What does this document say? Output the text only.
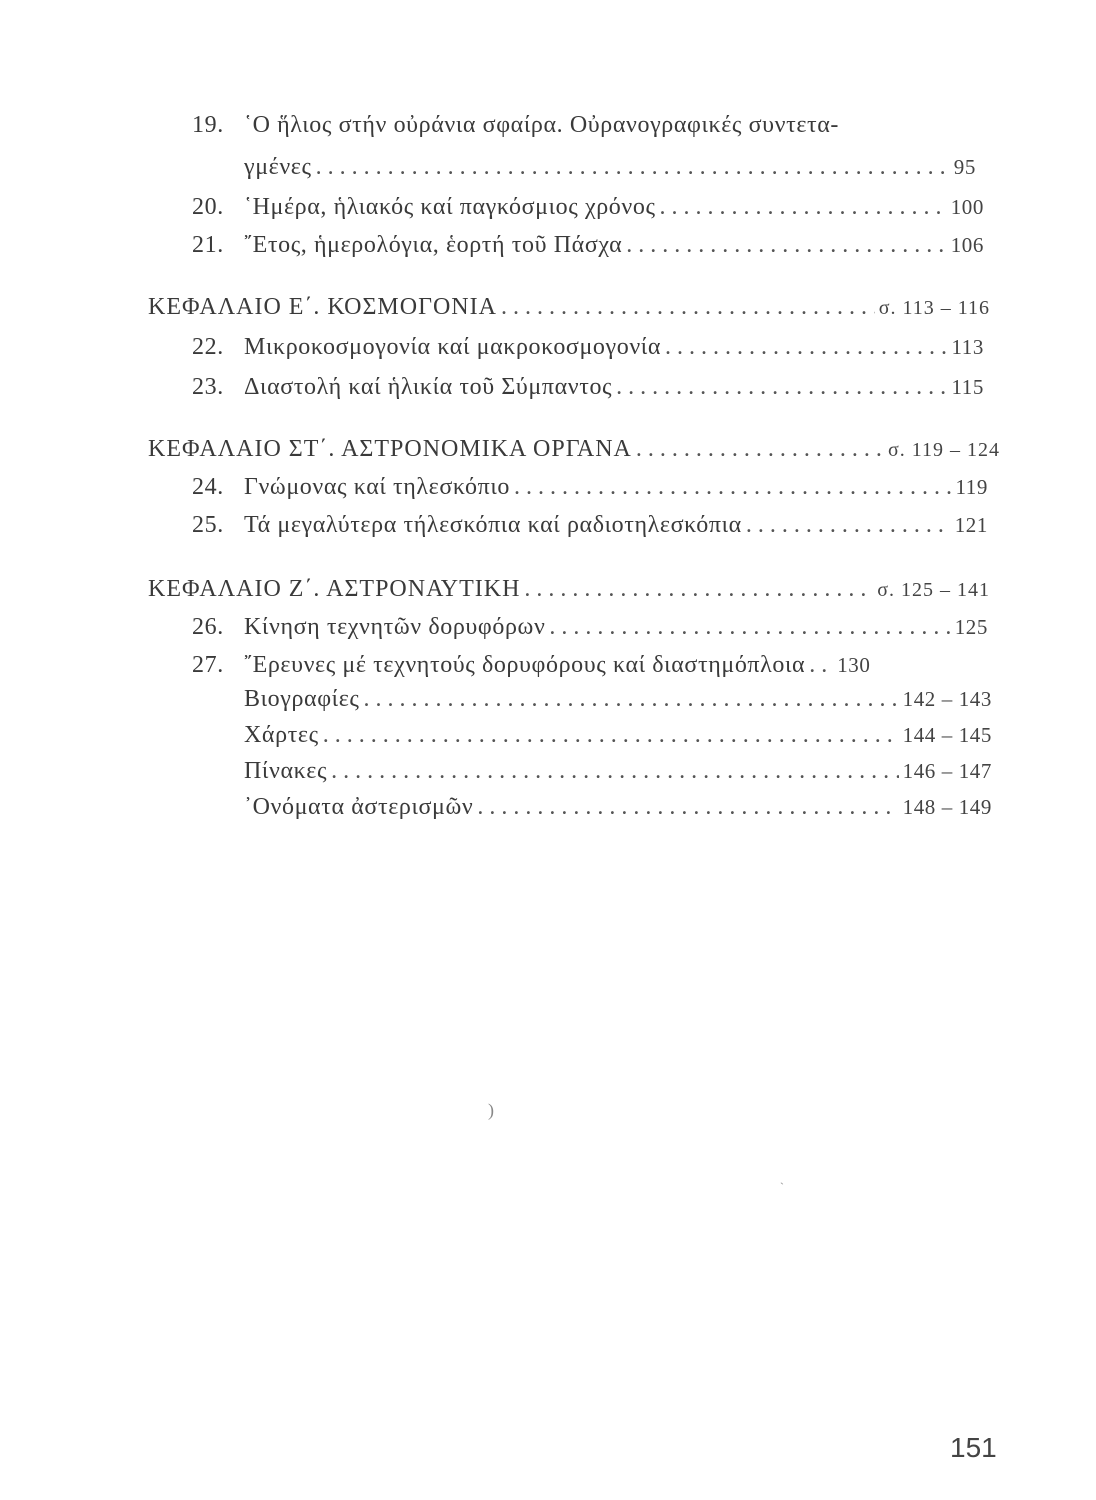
19. ῾Ο ἥλιος στήν οὐράνια σφαίρα. Οὐρανογραφικές συντετα-
γμένες . . .	95
20. ῾Ημέρα, ἡλιακός καί παγκόσμιος χρόνος . . .	100
21. ῎Ετος, ἡμερολόγια, ἑορτή τοῦ Πάσχα . . .	106
ΚΕΦΑΛΑΙΟ Ε΄. ΚΟΣΜΟΓΟΝΙΑ . . .	σ. 113 – 116
22. Μικροκοσμογονία καί μακροκοσμογονία . . .	113
23. Διαστολή καί ἡλικία τοῦ Σύμπαντος . . .	115
ΚΕΦΑΛΑΙΟ ΣΤ΄. ΑΣΤΡΟΝΟΜΙΚΑ ΟΡΓΑΝΑ . . .	σ. 119 – 124
24. Γνώμονας καί τηλεσκόπιο . . .	119
25. Τά μεγαλύτερα τήλεσκόπια καί ραδιοτηλεσκόπια . . .	121
ΚΕΦΑΛΑΙΟ Ζ΄. ΑΣΤΡΟΝΑΥΤΙΚΗ . . .	σ. 125 – 141
26. Κίνηση τεχνητῶν δορυφόρων . . .	125
27. ῎Ερευνες μέ τεχνητούς δορυφόρους καί διαστημόπλοια . . . 130
Βιογραφίες . . .	142 – 143
Χάρτες . . .	144 – 145
Πίνακες . . .	146 – 147
᾿Ονόματα ἀστερισμῶν . . .	148 – 149
)
`
151
